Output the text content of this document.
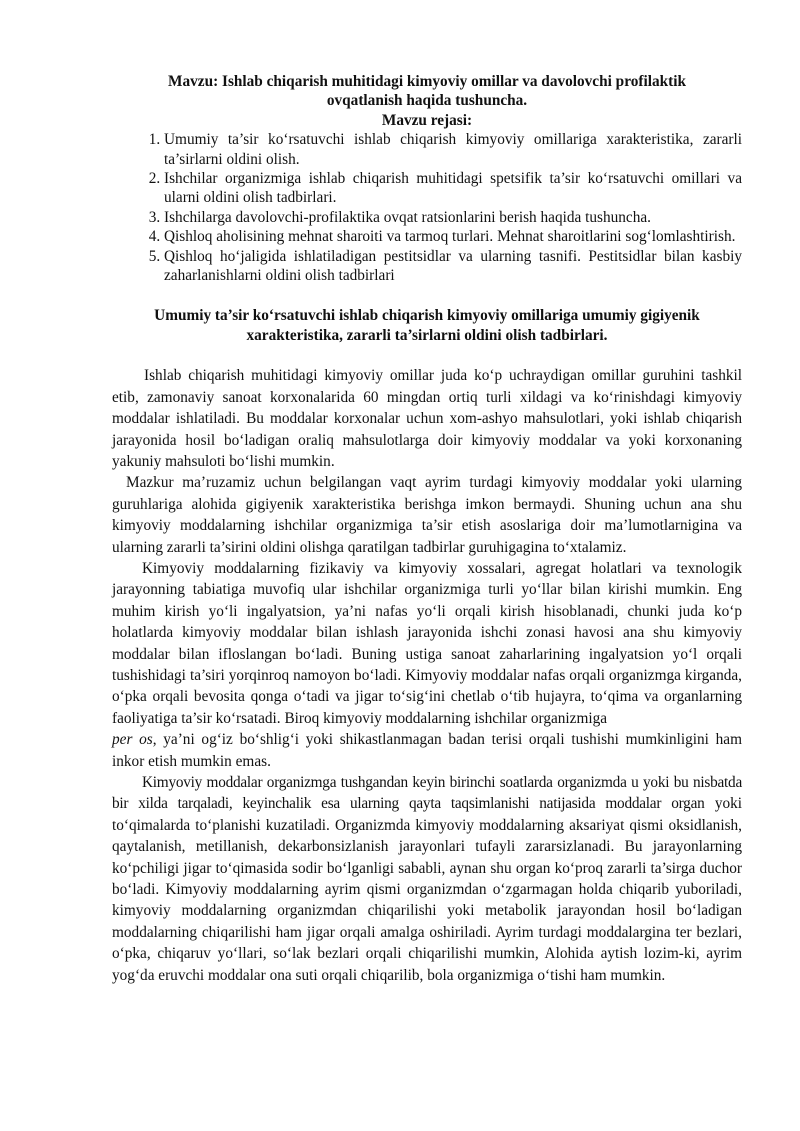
Mavzu: Ishlab chiqarish muhitidagi kimyoviy omillar va davolovchi profilaktik
ovqatlanish haqida tushuncha.

Mavzu rejasi:

1. Umumiy ta’sir ko‘rsatuvchi ishlab chiqarish kimyoviy omillariga xarakteristika, zararli ta’sirlarni oldini olish.
2. Ishchilar organizmiga ishlab chiqarish muhitidagi spetsifik ta’sir ko‘rsatuvchi omillari va ularni oldini olish tadbirlari.
3. Ishchilarga davolovchi-profilaktika ovqat ratsionlarini berish haqida tushuncha.
4. Qishloq aholisining mehnat sharoiti va tarmoq turlari. Mehnat sharoitlarini sog‘lomlashtirish.
5. Qishloq ho‘jaligida ishlatiladigan pestitsidlar va ularning tasnifi. Pestitsidlar bilan kasbiy zaharlanishlarni oldini olish tadbirlari

Umumiy ta’sir ko‘rsatuvchi ishlab chiqarish kimyoviy omillariga umumiy gigiyenik
xarakteristika, zararli ta’sirlarni oldini olish tadbirlari.

Ishlab chiqarish muhitidagi kimyoviy omillar juda ko‘p uchraydigan omillar guruhini tashkil etib, zamonaviy sanoat korxonalarida 60 mingdan ortiq turli xildagi va ko‘rinishdagi kimyoviy moddalar ishlatiladi. Bu moddalar korxonalar uchun xom-ashyo mahsulotlari, yoki ishlab chiqarish jarayonida hosil bo‘ladigan oraliq mahsulotlarga doir kimyoviy moddalar va yoki korxonaning yakuniy mahsuloti bo‘lishi mumkin.

Mazkur ma’ruzamiz uchun belgilangan vaqt ayrim turdagi kimyoviy moddalar yoki ularning guruhlariga alohida gigiyenik xarakteristika berishga imkon bermaydi. Shuning uchun ana shu kimyoviy moddalarning ishchilar organizmiga ta’sir etish asoslariga doir ma’lumotlarnigina va ularning zararli ta’sirini oldini olishga qaratilgan tadbirlar guruhigagina to‘xtalamiz.

Kimyoviy moddalarning fizikaviy va kimyoviy xossalari, agregat holatlari va texnologik jarayonning tabiatiga muvofiq ular ishchilar organizmiga turli yo‘llar bilan kirishi mumkin. Eng muhim kirish yo‘li ingalyatsion, ya’ni nafas yo‘li orqali kirish hisoblanadi, chunki juda ko‘p holatlarda kimyoviy moddalar bilan ishlash jarayonida ishchi zonasi havosi ana shu kimyoviy moddalar bilan ifloslangan bo‘ladi. Buning ustiga sanoat zaharlarining ingalyatsion yo‘l orqali tushishidagi ta’siri yorqinroq namoyon bo‘ladi. Kimyoviy moddalar nafas orqali organizmga kirganda, o‘pka orqali bevosita qonga o‘tadi va jigar to‘sig‘ini chetlab o‘tib hujayra, to‘qima va organlarning faoliyatiga ta’sir ko‘rsatadi. Biroq kimyoviy moddalarning ishchilar organizmiga
per os, ya’ni og‘iz bo‘shlig‘i yoki shikastlanmagan badan terisi orqali tushishi mumkinligini ham inkor etish mumkin emas.

Kimyoviy moddalar organizmga tushgandan keyin birinchi soatlarda organizmda u yoki bu nisbatda bir xilda tarqaladi, keyinchalik esa ularning qayta taqsimlanishi natijasida moddalar organ yoki to‘qimalarda to‘planishi kuzatiladi. Organizmda kimyoviy moddalarning aksariyat qismi oksidlanish, qaytalanish, metillanish, dekarbonsizlanish jarayonlari tufayli zararsizlanadi. Bu jarayonlarning ko‘pchiligi jigar to‘qimasida sodir bo‘lganligi sababli, aynan shu organ ko‘proq zararli ta’sirga duchor bo‘ladi. Kimyoviy moddalarning ayrim qismi organizmdan o‘zgarmagan holda chiqarib yuboriladi, kimyoviy moddalarning organizmdan chiqarilishi yoki metabolik jarayondan hosil bo‘ladigan moddalarning chiqarilishi ham jigar orqali amalga oshiriladi. Ayrim turdagi moddalargina ter bezlari, o‘pka, chiqaruv yo‘llari, so‘lak bezlari orqali chiqarilishi mumkin, Alohida aytish lozim-ki, ayrim yog‘da eruvchi moddalar ona suti orqali chiqarilib, bola organizmiga o‘tishi ham mumkin.
